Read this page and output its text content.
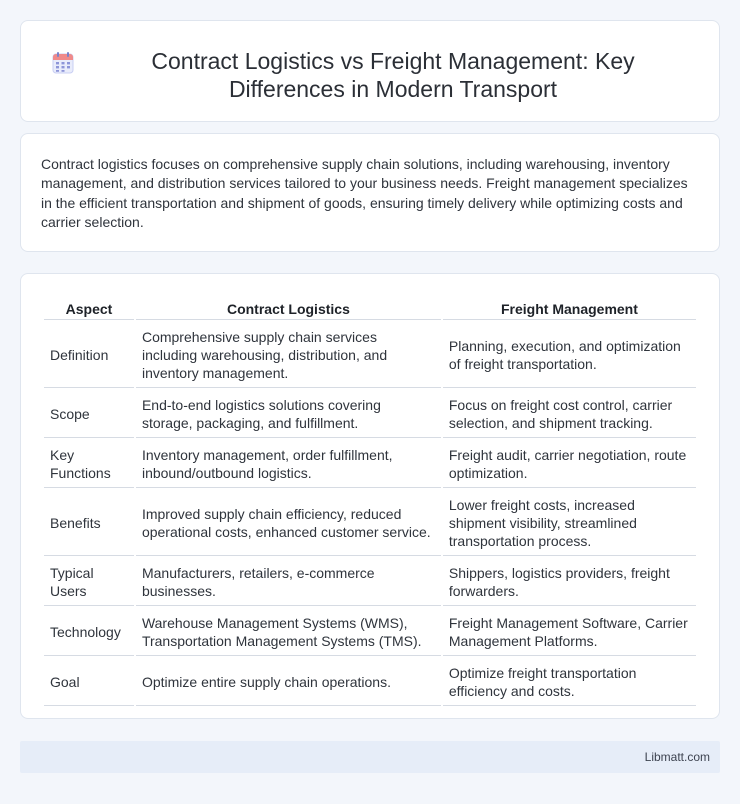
Contract Logistics vs Freight Management: Key Differences in Modern Transport

Contract logistics focuses on comprehensive supply chain solutions, including warehousing, inventory management, and distribution services tailored to your business needs. Freight management specializes in the efficient transportation and shipment of goods, ensuring timely delivery while optimizing costs and carrier selection.

Aspect	Contract Logistics	Freight Management
Definition	Comprehensive supply chain services including warehousing, distribution, and inventory management.	Planning, execution, and optimization of freight transportation.
Scope	End-to-end logistics solutions covering storage, packaging, and fulfillment.	Focus on freight cost control, carrier selection, and shipment tracking.
Key Functions	Inventory management, order fulfillment, inbound/outbound logistics.	Freight audit, carrier negotiation, route optimization.
Benefits	Improved supply chain efficiency, reduced operational costs, enhanced customer service.	Lower freight costs, increased shipment visibility, streamlined transportation process.
Typical Users	Manufacturers, retailers, e-commerce businesses.	Shippers, logistics providers, freight forwarders.
Technology	Warehouse Management Systems (WMS), Transportation Management Systems (TMS).	Freight Management Software, Carrier Management Platforms.
Goal	Optimize entire supply chain operations.	Optimize freight transportation efficiency and costs.
Libmatt.com
